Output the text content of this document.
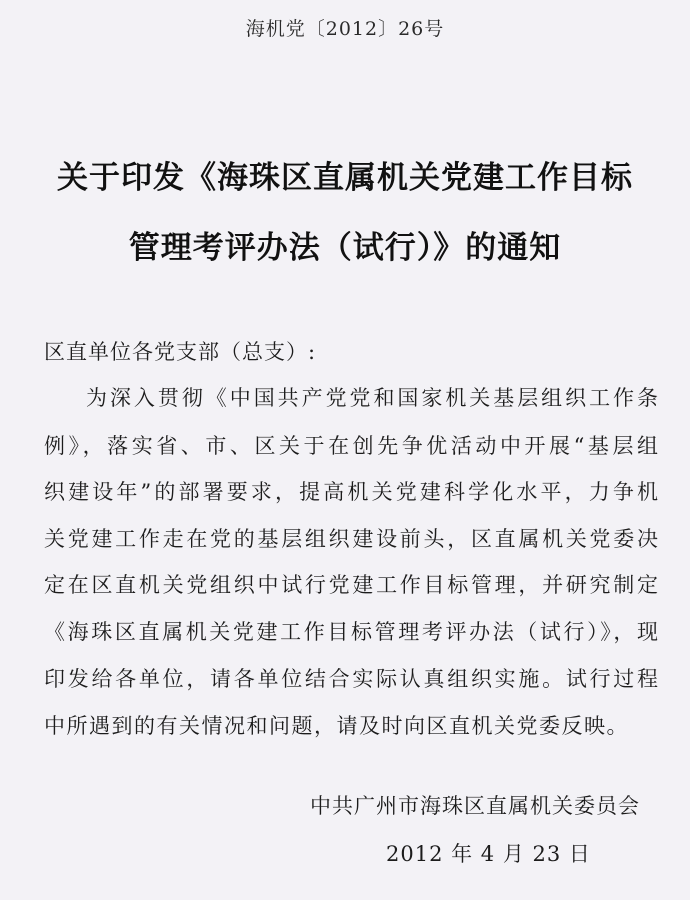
海机党〔2012〕26号
关于印发《海珠区直属机关党建工作目标
管理考评办法（试行）》的通知
区直单位各党支部（总支）:
为深入贯彻《中国共产党党和国家机关基层组织工作条
例》，落实省、市、区关于在创先争优活动中开展“基层组
织建设年”的部署要求，提高机关党建科学化水平，力争机
关党建工作走在党的基层组织建设前头，区直属机关党委决
定在区直机关党组织中试行党建工作目标管理，并研究制定
《海珠区直属机关党建工作目标管理考评办法（试行）》，现
印发给各单位，请各单位结合实际认真组织实施。试行过程
中所遇到的有关情况和问题，请及时向区直机关党委反映。
中共广州市海珠区直属机关委员会
2012 年 4 月 23 日
